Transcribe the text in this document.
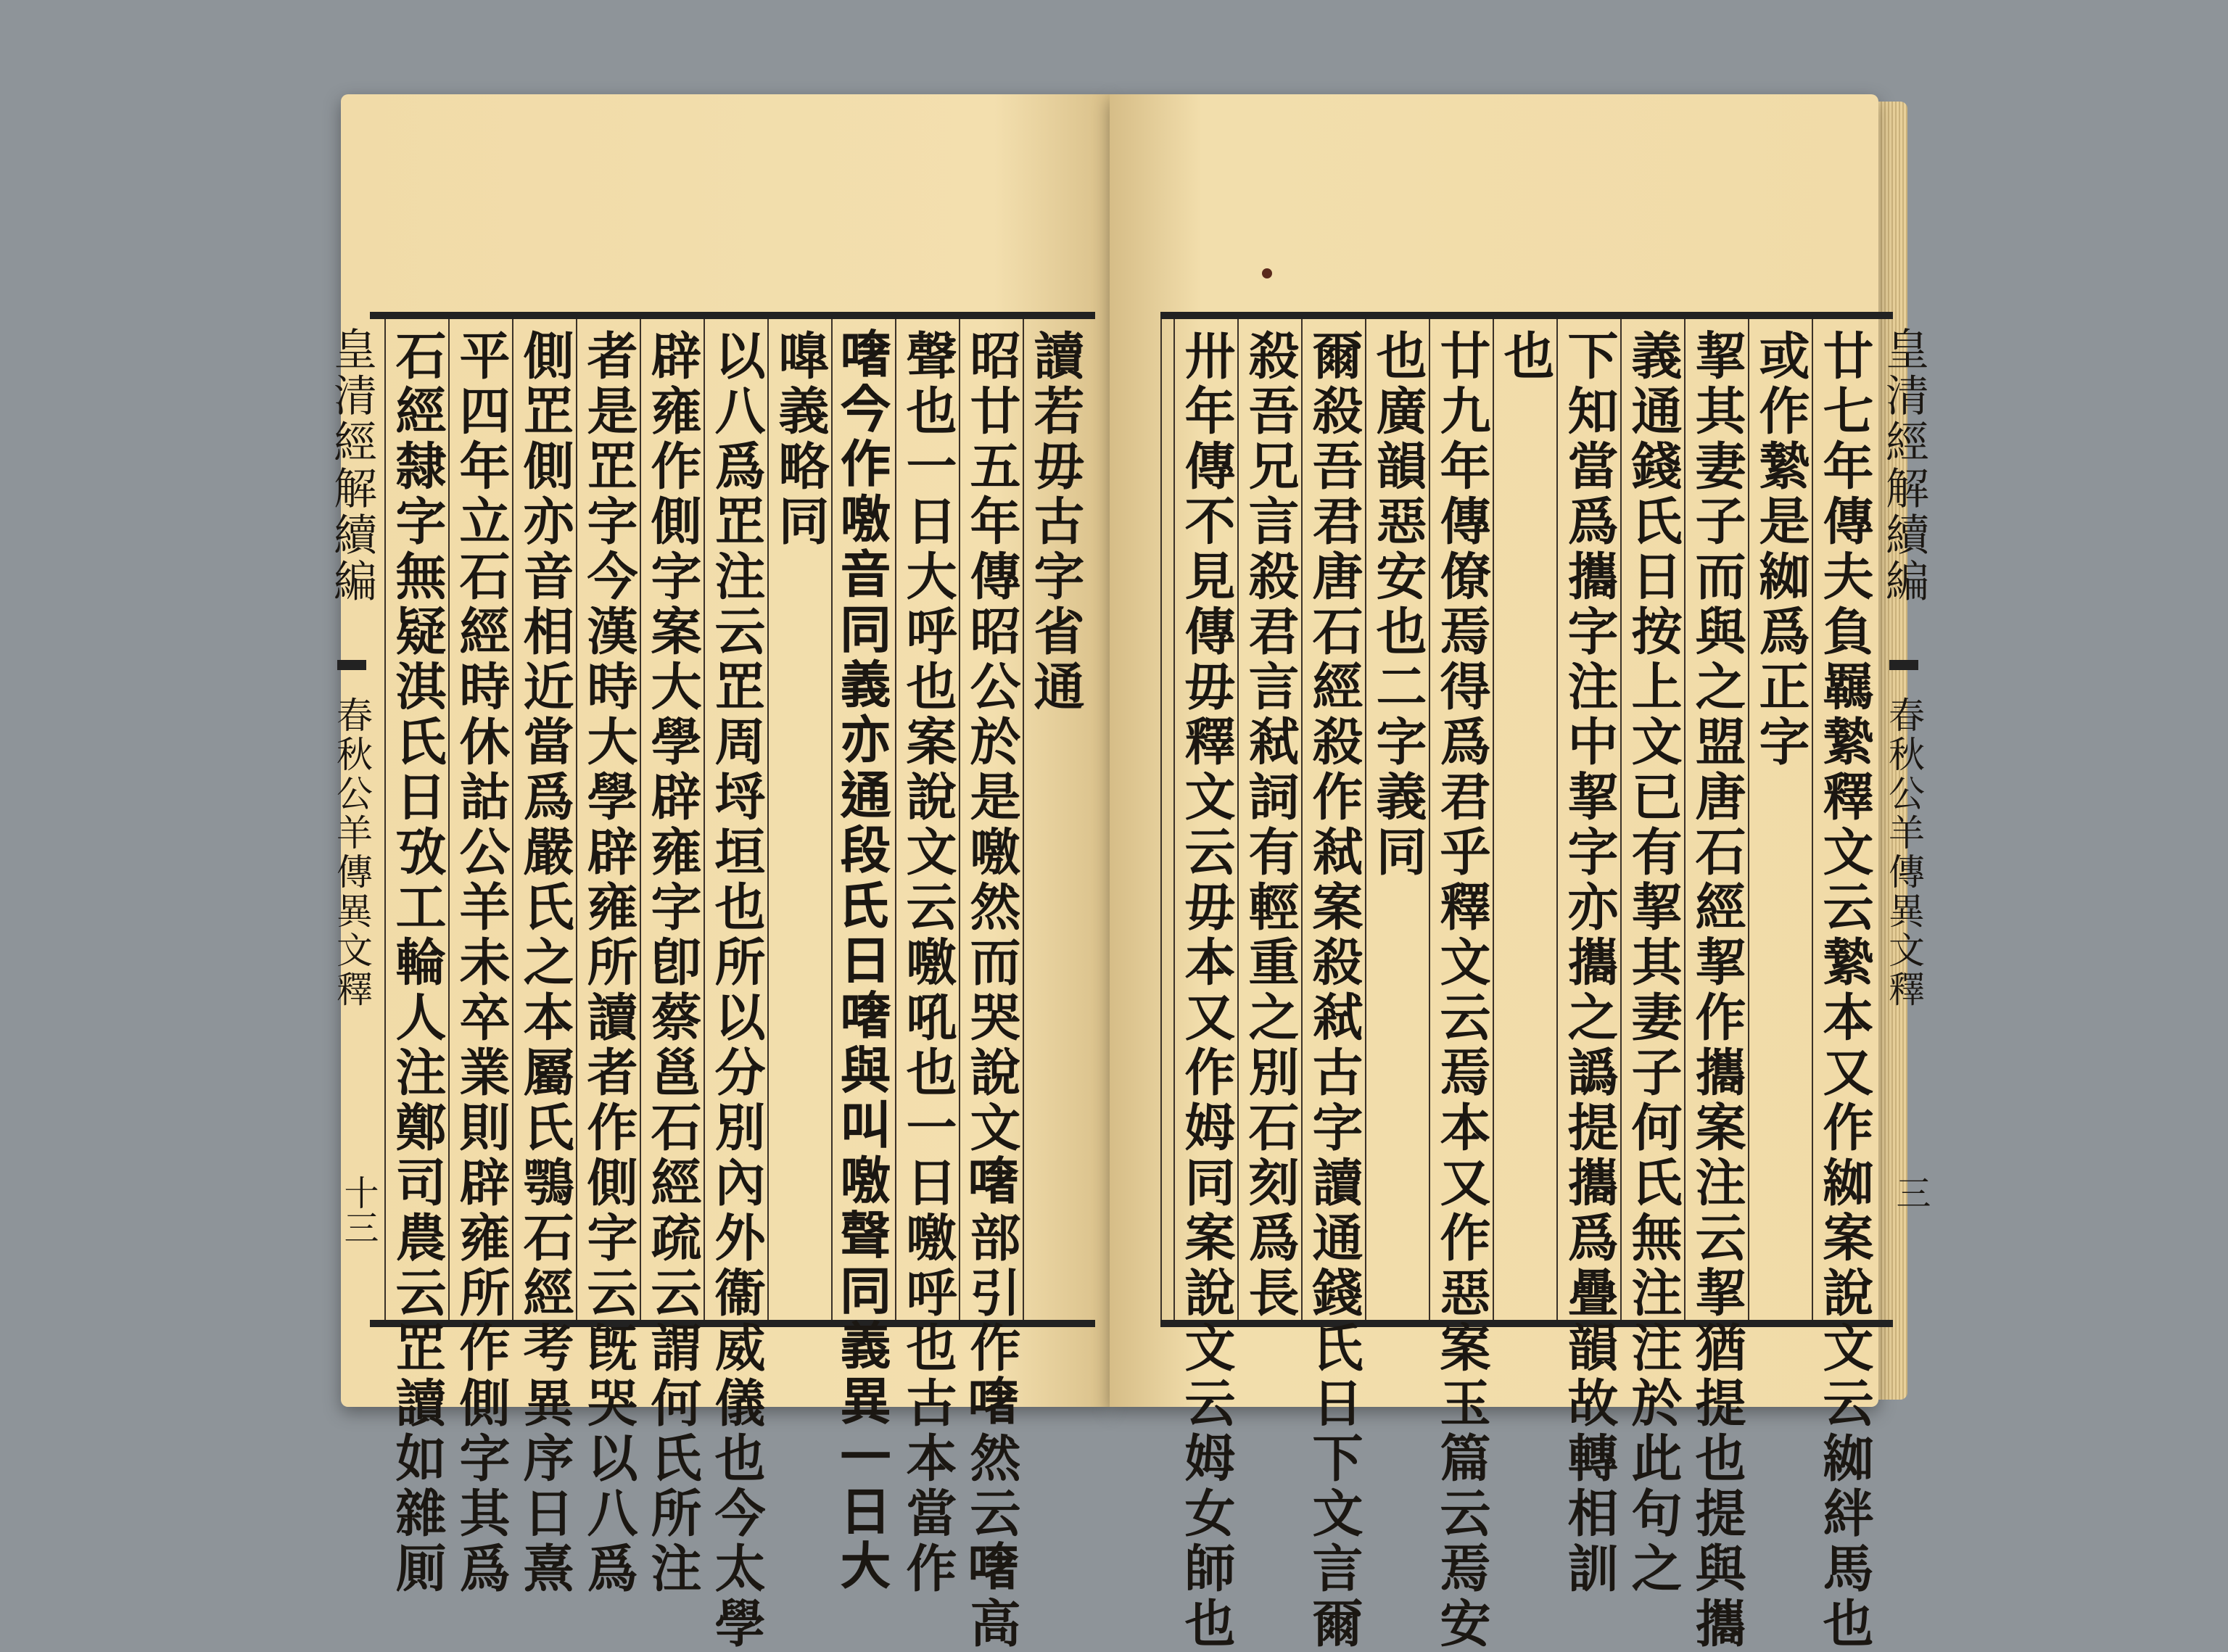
讀若毋古字省通
昭廿五年傳昭公於是噭然而哭說文𠾏部引作𠾏然云𠾏高
聲也一日大呼也案說文云噭吼也一日噭呼也古本當作
𠾏今作噭音同義亦通段氏日𠾏與叫噭聲同義異一日大
嘷義略同
以八爲𦊆注云𦊆周埒垣也所以分別內外衞威儀也今太學
辟雍作側字案大學辟雍字卽蔡邕石經疏云謂何氏所注
者是𦊆字今漢時大學辟雍所讀者作側字云旣哭以八爲
側𦊆側亦音相近當爲嚴氏之本屬氏鶚石經考異序日熹
平四年立石經時休詁公羊未卒業則辟雍所作側字其爲
石經隸字無疑淇氏日攷工輪人注鄭司農云𦊆讀如雜厠
皇清經解續編
春秋公羊傳異文釋
十三	廿七年傳夫負羈縶釋文云縶本又作𦀌案說文云𦀌絆馬也
或作縶是𦀌爲正字
挈其妻子而與之盟唐石經挈作攜案注云挈猶提也提與攜
義通錢氏日按上文已有挈其妻子何氏無注注於此句之
下知當爲攜字注中挈字亦攜之譌提攜爲疊韻故轉相訓
也
廿九年傳僚焉得爲君乎釋文云焉本又作惡案玉篇云焉安
也廣韻惡安也二字義同
爾殺吾君唐石經殺作弒案殺弒古字讀通錢氏日下文言爾
殺吾兄言殺君言弒詞有輕重之別石刻爲長
卅年傳不見傳毋釋文云毋本又作姆同案說文云姆女師也	皇清經解續編
春秋公羊傳異文釋
三
